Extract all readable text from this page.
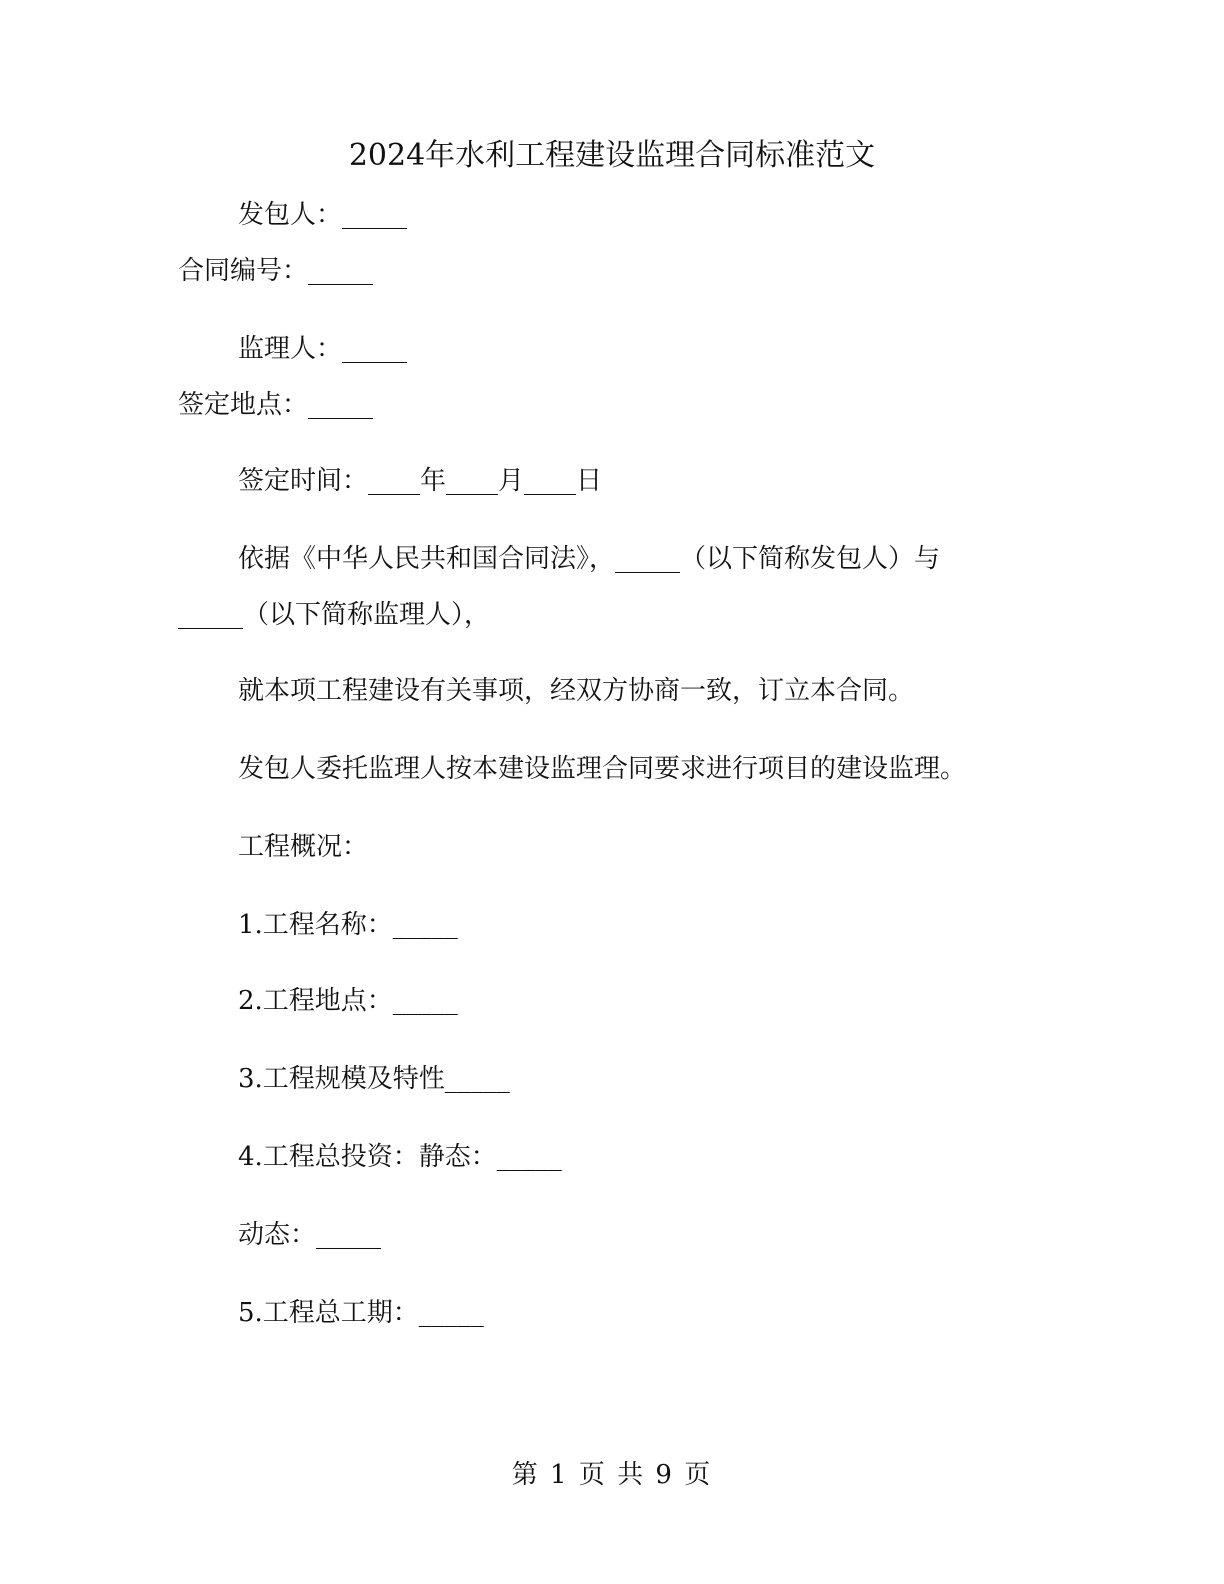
2024年水利工程建设监理合同标准范文

发包人：_____

合同编号：_____

监理人：_____

签定地点：_____

签定时间：____年____月____日

依据《中华人民共和国合同法》，_____（以下简称发包人）与

_____（以下简称监理人），

就本项工程建设有关事项，经双方协商一致，订立本合同。

发包人委托监理人按本建设监理合同要求进行项目的建设监理。

工程概况：

1.工程名称：_____

2.工程地点：_____

3.工程规模及特性_____

4.工程总投资：静态：_____

动态：_____

5.工程总工期：_____

第 1 页 共 9 页
